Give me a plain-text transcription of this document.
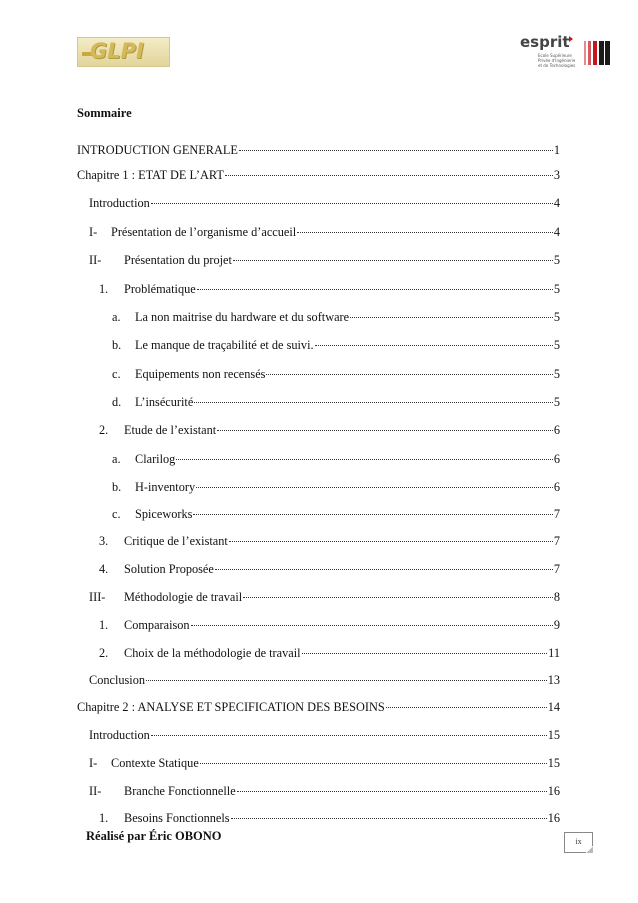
GLPI	esprit
Ecole Supérieure Privée d'Ingénierie et de Technologies
Sommaire
INTRODUCTION GENERALE	1
Chapitre 1 : ETAT DE L’ART	3
Introduction	4
I-	Présentation de l’organisme d’accueil	4
II-	Présentation du projet	5
1.	Problématique	5
a.	La non maitrise du hardware et du software	5
b.	Le manque de traçabilité et de suivi.	5
c.	Equipements non recensés	5
d.	L’insécurité	5
2.	Etude de l’existant	6
a.	Clarilog	6
b.	H-inventory	6
c.	Spiceworks	7
3.	Critique de l’existant	7
4.	Solution Proposée	7
III-	Méthodologie de travail	8
1.	Comparaison	9
2.	Choix de la méthodologie de travail	11
Conclusion	13
Chapitre 2 : ANALYSE ET SPECIFICATION DES BESOINS	14
Introduction	15
I-	Contexte Statique	15
II-	Branche Fonctionnelle	16
1.	Besoins Fonctionnels	16
Réalisé par Éric OBONO	ix
